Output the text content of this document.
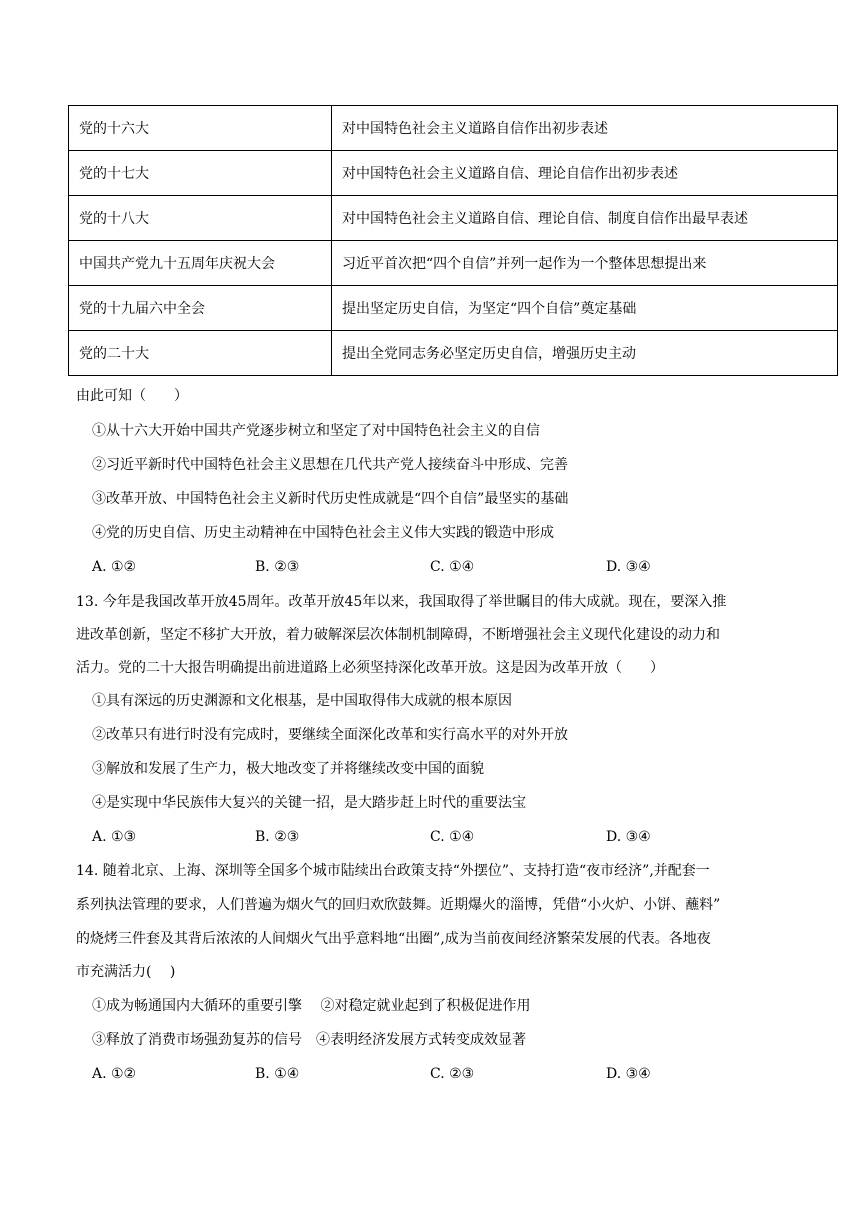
党的十六大	对中国特色社会主义道路自信作出初步表述
党的十七大	对中国特色社会主义道路自信、理论自信作出初步表述
党的十八大	对中国特色社会主义道路自信、理论自信、制度自信作出最早表述
中国共产党九十五周年庆祝大会	习近平首次把“四个自信”并列一起作为一个整体思想提出来
党的十九届六中全会	提出坚定历史自信，为坚定“四个自信”奠定基础
党的二十大	提出全党同志务必坚定历史自信，增强历史主动
由此可知（　　）
①从十六大开始中国共产党逐步树立和坚定了对中国特色社会主义的自信
②习近平新时代中国特色社会主义思想在几代共产党人接续奋斗中形成、完善
③改革开放、中国特色社会主义新时代历史性成就是“四个自信”最坚实的基础
④党的历史自信、历史主动精神在中国特色社会主义伟大实践的锻造中形成
A. ①②	B. ②③	C. ①④	D. ③④
13. 今年是我国改革开放45周年。改革开放45年以来，我国取得了举世瞩目的伟大成就。现在，要深入推
进改革创新，坚定不移扩大开放，着力破解深层次体制机制障碍，不断增强社会主义现代化建设的动力和
活力。党的二十大报告明确提出前进道路上必须坚持深化改革开放。这是因为改革开放（　　）
①具有深远的历史渊源和文化根基，是中国取得伟大成就的根本原因
②改革只有进行时没有完成时，要继续全面深化改革和实行高水平的对外开放
③解放和发展了生产力，极大地改变了并将继续改变中国的面貌
④是实现中华民族伟大复兴的关键一招，是大踏步赶上时代的重要法宝
A. ①③	B. ②③	C. ①④	D. ③④
14. 随着北京、上海、深圳等全国多个城市陆续出台政策支持“外摆位”、支持打造“夜市经济”,并配套一
系列执法管理的要求，人们普遍为烟火气的回归欢欣鼓舞。近期爆火的淄博，凭借“小火炉、小饼、蘸料”
的烧烤三件套及其背后浓浓的人间烟火气出乎意料地“出圈”,成为当前夜间经济繁荣发展的代表。各地夜
市充满活力(　 )
①成为畅通国内大循环的重要引擎　 ②对稳定就业起到了积极促进作用
③释放了消费市场强劲复苏的信号　④表明经济发展方式转变成效显著
A. ①②	B. ①④	C. ②③	D. ③④
